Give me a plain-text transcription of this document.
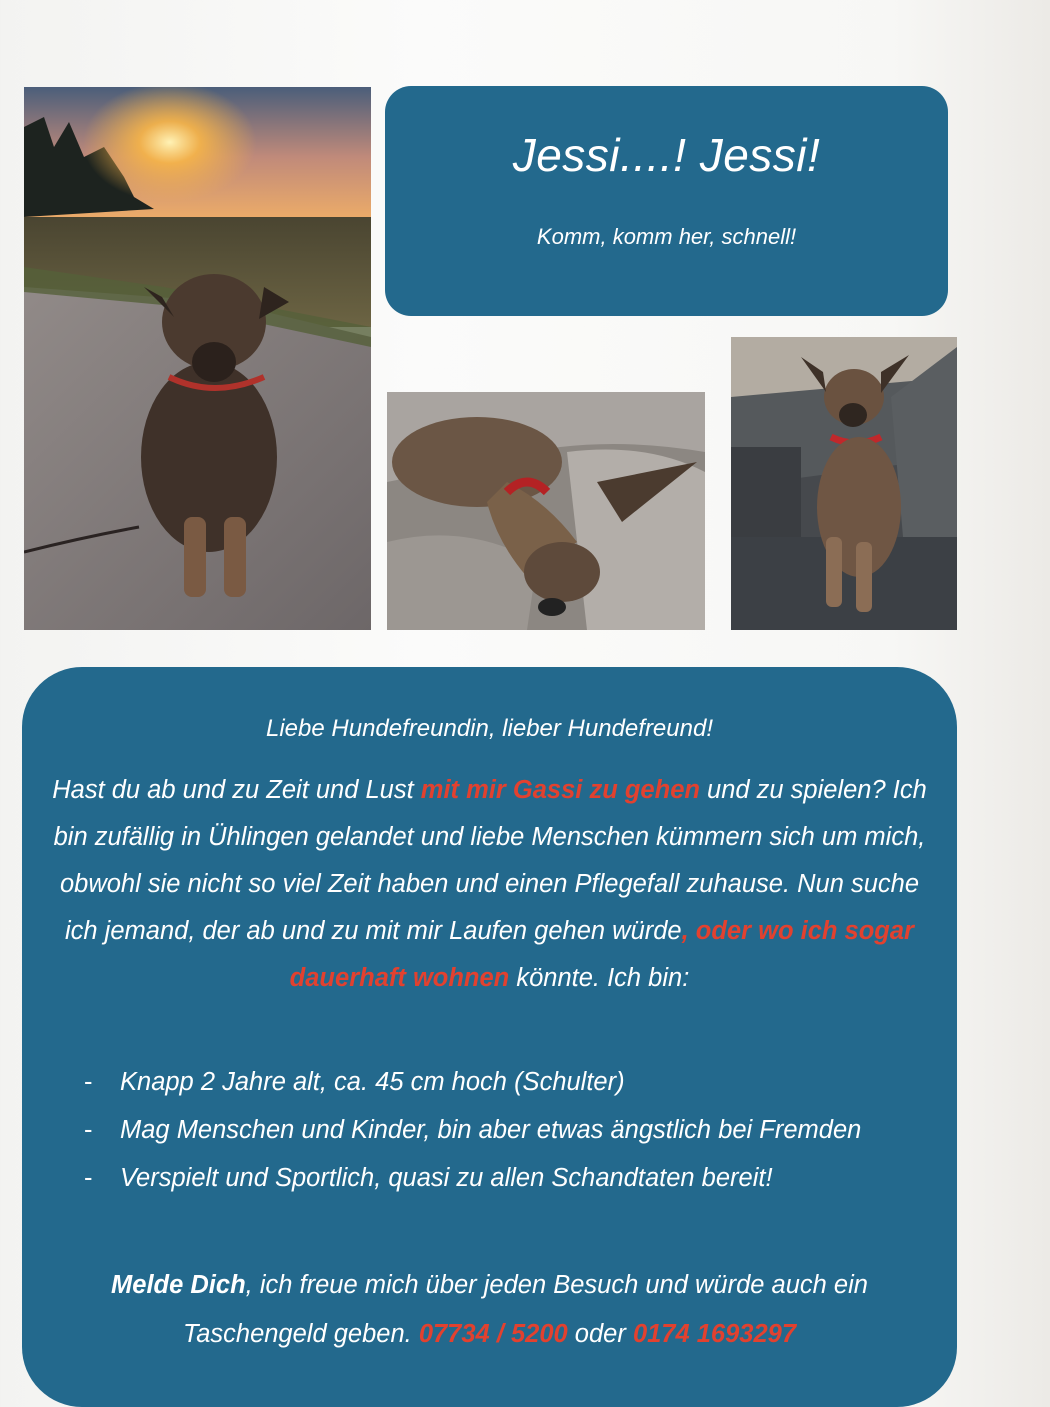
Jessi....! Jessi!
Komm, komm her, schnell!
Liebe Hundefreundin, lieber Hundefreund!
Hast du ab und zu Zeit und Lust mit mir Gassi zu gehen und zu spielen? Ich bin zufällig in Ühlingen gelandet und liebe Menschen kümmern sich um mich, obwohl sie nicht so viel Zeit haben und einen Pflegefall zuhause. Nun suche ich jemand, der ab und zu mit mir Laufen gehen würde, oder wo ich sogar dauerhaft wohnen könnte. Ich bin:
- Knapp 2 Jahre alt, ca. 45 cm hoch (Schulter)
- Mag Menschen und Kinder, bin aber etwas ängstlich bei Fremden
- Verspielt und Sportlich, quasi zu allen Schandtaten bereit!
Melde Dich, ich freue mich über jeden Besuch und würde auch ein Taschengeld geben. 07734 / 5200 oder 0174 1693297
